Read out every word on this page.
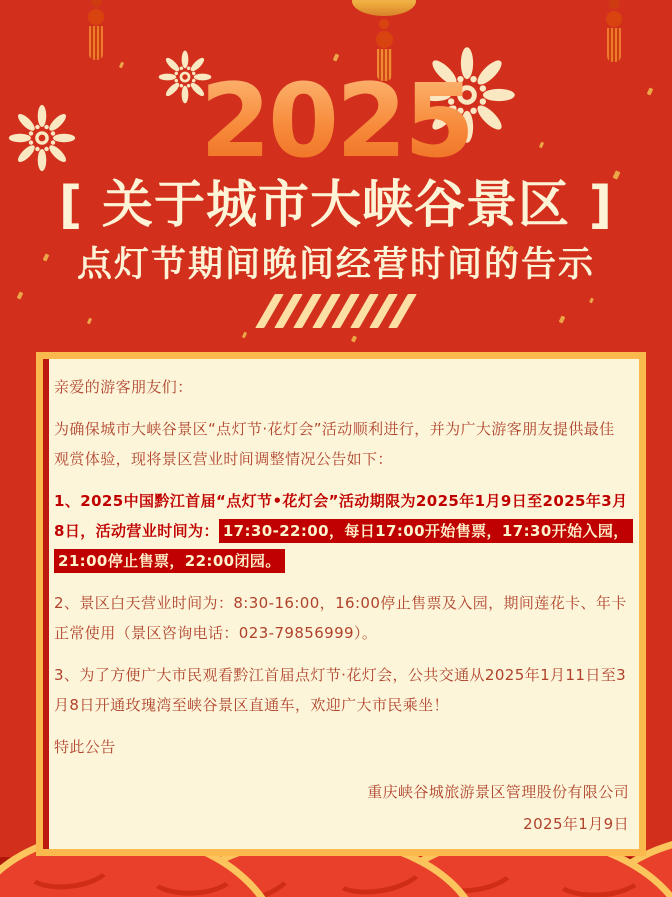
2025
[ 关于城市大峡谷景区 ]
点灯节期间晚间经营时间的告示

亲爱的游客朋友们：

为确保城市大峡谷景区“点灯节·花灯会”活动顺利进行，并为广大游客朋友提供最佳观赏体验，现将景区营业时间调整情况公告如下：

1、2025中国黔江首届“点灯节•花灯会”活动期限为2025年1月9日至2025年3月8日，活动营业时间为： 17:30-22:00，每日17:00开始售票，17:30开始入园，21:00停止售票，22:00闭园。

2、景区白天营业时间为：8:30-16:00，16:00停止售票及入园，期间莲花卡、年卡正常使用（景区咨询电话：023-79856999）。

3、为了方便广大市民观看黔江首届点灯节·花灯会，公共交通从2025年1月11日至3月8日开通玫瑰湾至峡谷景区直通车，欢迎广大市民乘坐！

特此公告

重庆峡谷城旅游景区管理股份有限公司
2025年1月9日
